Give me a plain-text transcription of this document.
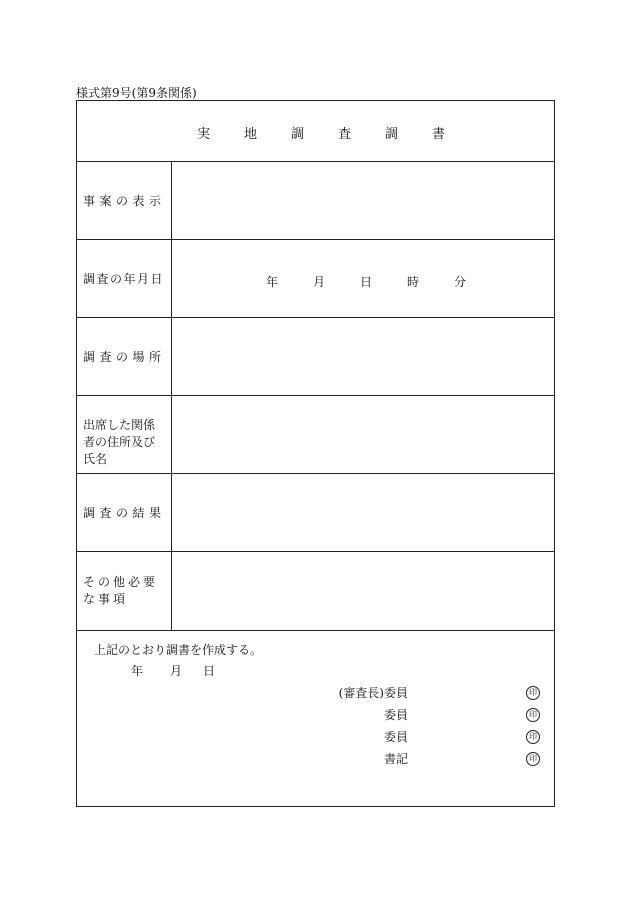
様式第9号(第9条関係)
実	地	調	査	調	書
事案の表示
調査の年月日	年	月	日	時	分
調査の場所
出席した関係者の住所及び氏名
調査の結果
その他必要な事項
上記のとおり調書を作成する。
年 月 日
(審査長)委員	印
委員	印
委員	印
書記	印
